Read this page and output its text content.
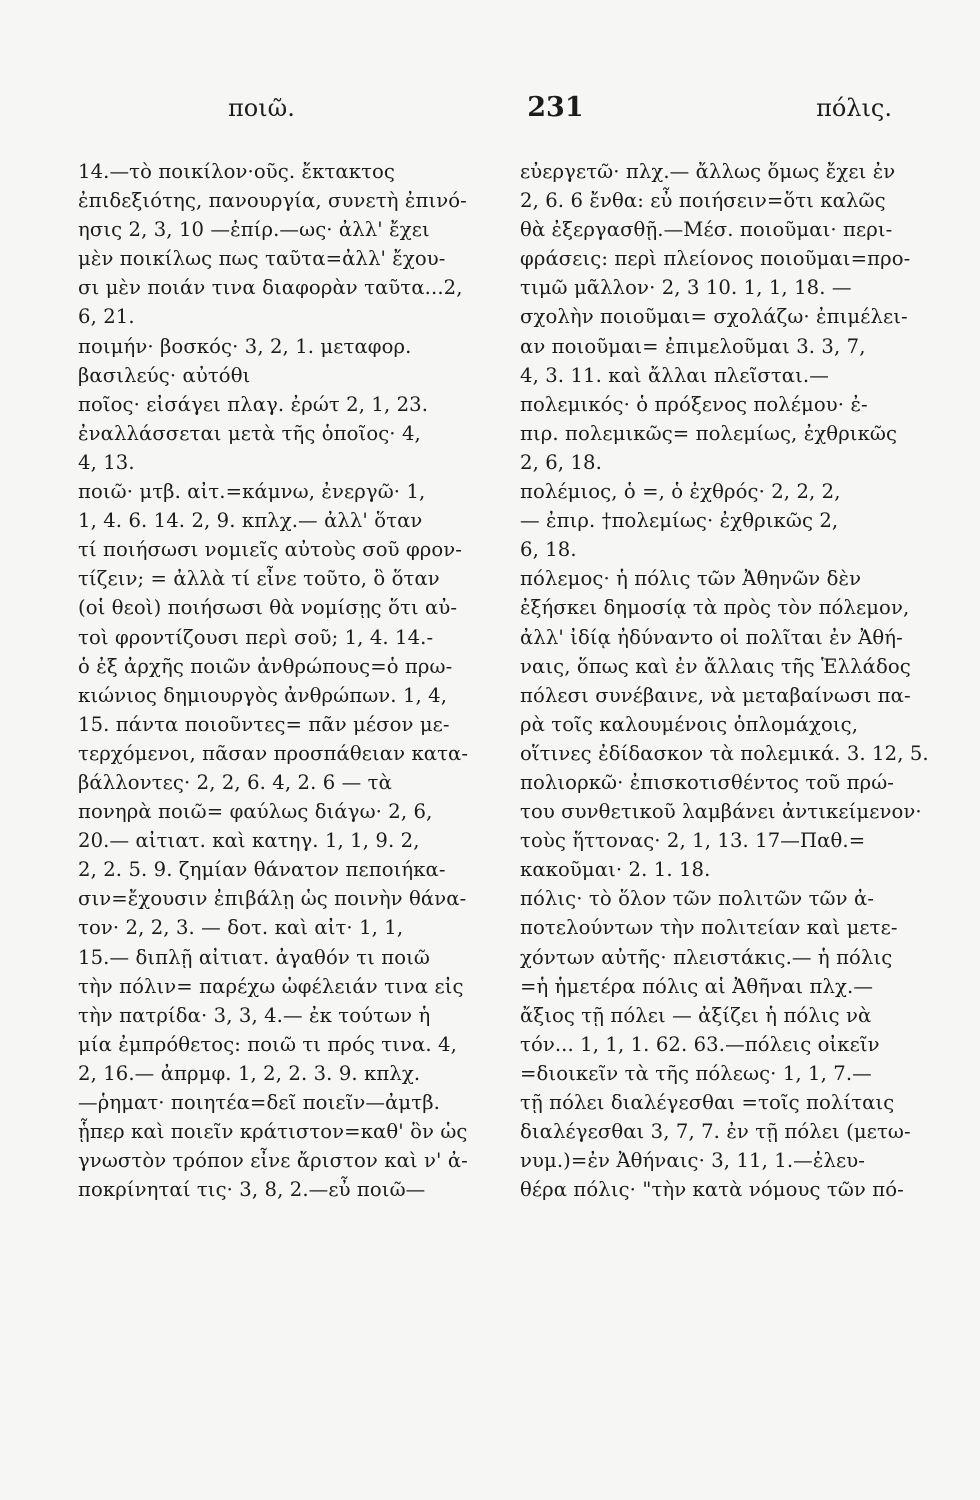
ποιῶ.	231	πόλις.
14.—τὸ ποικίλον·οῦς. ἔκτακτος
ἐπιδεξιότης, πανουργία, συνετὴ ἐπινό-
ησις 2, 3, 10 —ἐπίρ.—ως· ἀλλ' ἔχει
μὲν ποικίλως πως ταῦτα=ἀλλ' ἔχου-
σι μὲν ποιάν τινα διαφορὰν ταῦτα...2,
6, 21.
ποιμήν· βοσκός· 3, 2, 1. μεταφορ.
βασιλεύς· αὐτόθι
ποῖος· εἰσάγει πλαγ. ἐρώτ 2, 1, 23.
ἐναλλάσσεται μετὰ τῆς ὁποῖος· 4,
4, 13.
ποιῶ· μτβ. αἰτ.=κάμνω, ἐνεργῶ· 1,
1, 4. 6. 14. 2, 9. κπλχ.— ἀλλ' ὅταν
τί ποιήσωσι νομιεῖς αὐτοὺς σοῦ φρον-
τίζειν; = ἀλλὰ τί εἶνε τοῦτο, ὃ ὅταν
(οἱ θεοὶ) ποιήσωσι θὰ νομίσῃς ὅτι αὐ-
τοὶ φροντίζουσι περὶ σοῦ; 1, 4. 14.-
ὁ ἐξ ἀρχῆς ποιῶν ἀνθρώπους=ὁ πρω-
κιώνιος δημιουργὸς ἀνθρώπων. 1, 4,
15. πάντα ποιοῦντες= πᾶν μέσον με-
τερχόμενοι, πᾶσαν προσπάθειαν κατα-
βάλλοντες· 2, 2, 6. 4, 2. 6 — τὰ
πονηρὰ ποιῶ= φαύλως διάγω· 2, 6,
20.— αἰτιατ. καὶ κατηγ. 1, 1, 9. 2,
2, 2. 5. 9. ζημίαν θάνατον πεποιήκα-
σιν=ἔχουσιν ἐπιβάλῃ ὡς ποινὴν θάνα-
τον· 2, 2, 3. — δοτ. καὶ αἰτ· 1, 1,
15.— διπλῇ αἰτιατ. ἀγαθόν τι ποιῶ
τὴν πόλιν= παρέχω ὠφέλειάν τινα εἰς
τὴν πατρίδα· 3, 3, 4.— ἐκ τούτων ἡ
μία ἐμπρόθετος: ποιῶ τι πρός τινα. 4,
2, 16.— ἀπρμφ. 1, 2, 2. 3. 9. κπλχ.
—ῥηματ· ποιητέα=δεῖ ποιεῖν—ἀμτβ.
ᾗπερ καὶ ποιεῖν κράτιστον=καθ' ὃν ὡς
γνωστὸν τρόπον εἶνε ἄριστον καὶ ν' ἀ-
ποκρίνηταί τις· 3, 8, 2.—εὖ ποιῶ—
εὐεργετῶ· πλχ.— ἄλλως ὅμως ἔχει ἐν
2, 6. 6 ἔνθα: εὖ ποιήσειν=ὅτι καλῶς
θὰ ἐξεργασθῇ.—Μέσ. ποιοῦμαι· περι-
φράσεις: περὶ πλείονος ποιοῦμαι=προ-
τιμῶ μᾶλλον· 2, 3 10. 1, 1, 18. —
σχολὴν ποιοῦμαι= σχολάζω· ἐπιμέλει-
αν ποιοῦμαι= ἐπιμελοῦμαι 3. 3, 7,
4, 3. 11. καὶ ἄλλαι πλεῖσται.—
πολεμικός· ὁ πρόξενος πολέμου· ἐ-
πιρ. πολεμικῶς= πολεμίως, ἐχθρικῶς
2, 6, 18.
πολέμιος, ὁ =, ὁ ἐχθρός· 2, 2, 2,
— ἐπιρ. †πολεμίως· ἐχθρικῶς 2,
6, 18.
πόλεμος· ἡ πόλις τῶν Ἀθηνῶν δὲν
ἐξήσκει δημοσίᾳ τὰ πρὸς τὸν πόλεμον,
ἀλλ' ἰδίᾳ ἠδύναντο οἱ πολῖται ἐν Ἀθή-
ναις, ὅπως καὶ ἐν ἄλλαις τῆς Ἑλλάδος
πόλεσι συνέβαινε, νὰ μεταβαίνωσι πα-
ρὰ τοῖς καλουμένοις ὁπλομάχοις,
οἵτινες ἐδίδασκον τὰ πολεμικά. 3. 12, 5.
πολιορκῶ· ἐπισκοτισθέντος τοῦ πρώ-
του συνθετικοῦ λαμβάνει ἀντικείμενον·
τοὺς ἥττονας· 2, 1, 13. 17—Παθ.=
κακοῦμαι· 2. 1. 18.
πόλις· τὸ ὅλον τῶν πολιτῶν τῶν ἀ-
ποτελούντων τὴν πολιτείαν καὶ μετε-
χόντων αὐτῆς· πλειστάκις.— ἡ πόλις
=ἡ ἡμετέρα πόλις αἱ Ἀθῆναι πλχ.—
ἄξιος τῇ πόλει — ἀξίζει ἡ πόλις νὰ
τόν... 1, 1, 1. 62. 63.—πόλεις οἰκεῖν
=διοικεῖν τὰ τῆς πόλεως· 1, 1, 7.—
τῇ πόλει διαλέγεσθαι =τοῖς πολίταις
διαλέγεσθαι 3, 7, 7. ἐν τῇ πόλει (μετω-
νυμ.)=ἐν Ἀθήναις· 3, 11, 1.—ἐλευ-
θέρα πόλις· "τὴν κατὰ νόμους τῶν πό-
